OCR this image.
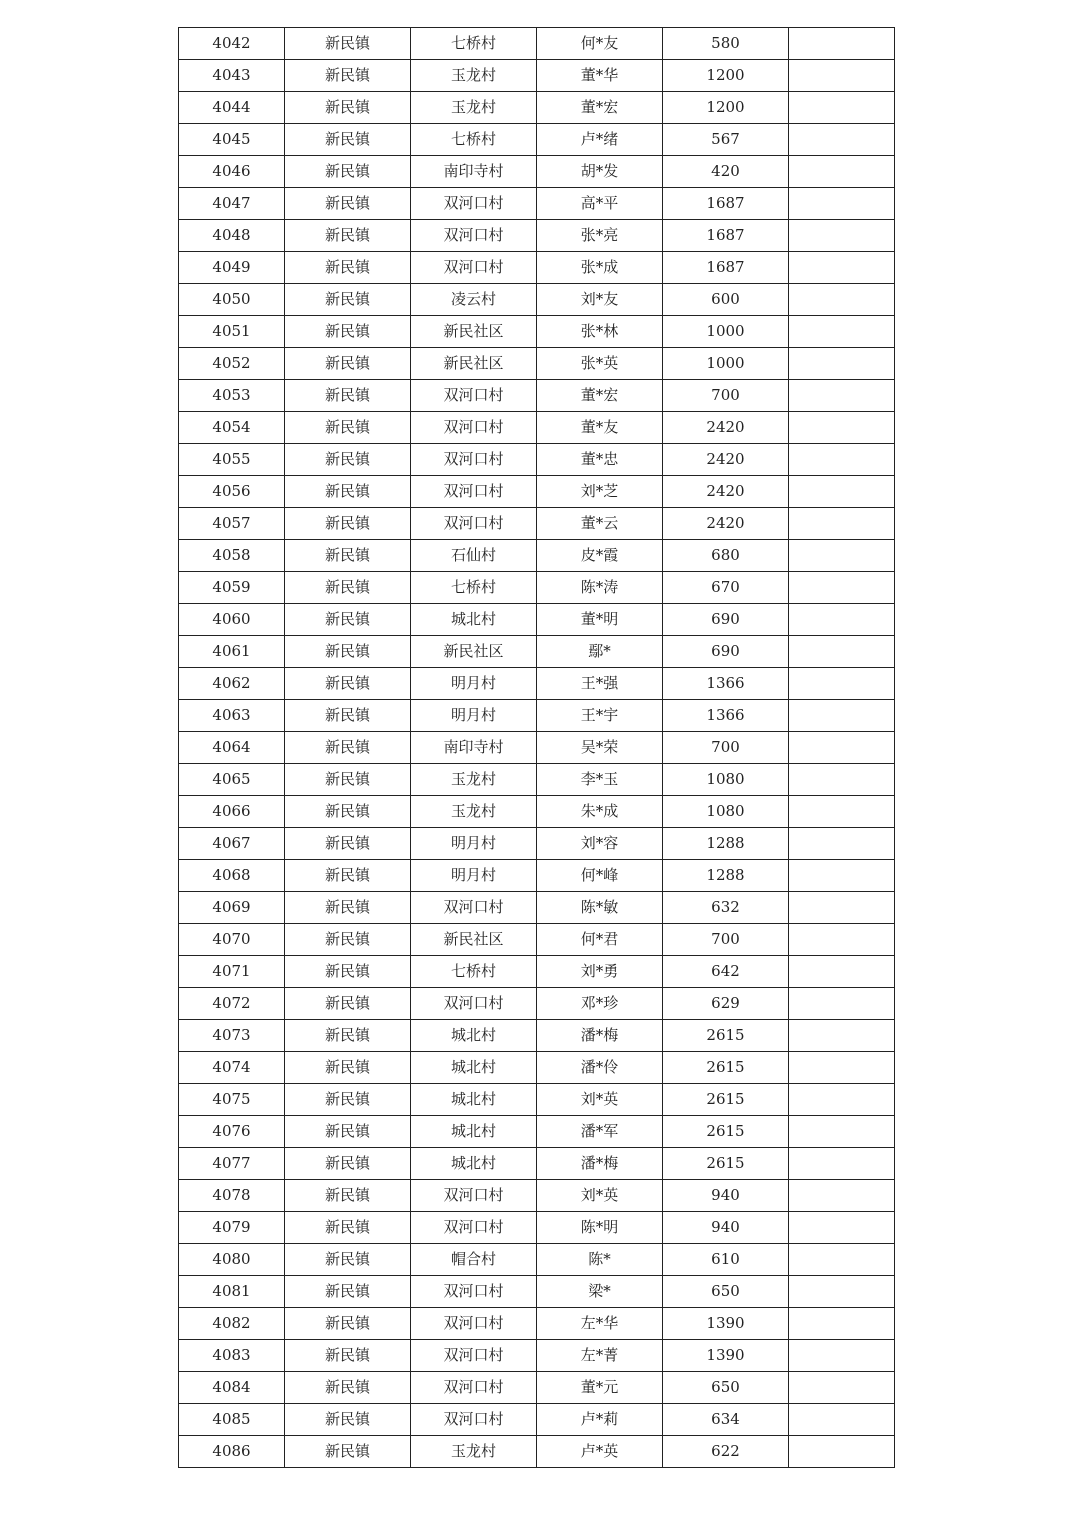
4042	新民镇	七桥村	何*友	580	
4043	新民镇	玉龙村	董*华	1200	
4044	新民镇	玉龙村	董*宏	1200	
4045	新民镇	七桥村	卢*绪	567	
4046	新民镇	南印寺村	胡*发	420	
4047	新民镇	双河口村	高*平	1687	
4048	新民镇	双河口村	张*亮	1687	
4049	新民镇	双河口村	张*成	1687	
4050	新民镇	凌云村	刘*友	600	
4051	新民镇	新民社区	张*林	1000	
4052	新民镇	新民社区	张*英	1000	
4053	新民镇	双河口村	董*宏	700	
4054	新民镇	双河口村	董*友	2420	
4055	新民镇	双河口村	董*忠	2420	
4056	新民镇	双河口村	刘*芝	2420	
4057	新民镇	双河口村	董*云	2420	
4058	新民镇	石仙村	皮*霞	680	
4059	新民镇	七桥村	陈*涛	670	
4060	新民镇	城北村	董*明	690	
4061	新民镇	新民社区	鄢*	690	
4062	新民镇	明月村	王*强	1366	
4063	新民镇	明月村	王*宇	1366	
4064	新民镇	南印寺村	吴*荣	700	
4065	新民镇	玉龙村	李*玉	1080	
4066	新民镇	玉龙村	朱*成	1080	
4067	新民镇	明月村	刘*容	1288	
4068	新民镇	明月村	何*峰	1288	
4069	新民镇	双河口村	陈*敏	632	
4070	新民镇	新民社区	何*君	700	
4071	新民镇	七桥村	刘*勇	642	
4072	新民镇	双河口村	邓*珍	629	
4073	新民镇	城北村	潘*梅	2615	
4074	新民镇	城北村	潘*伶	2615	
4075	新民镇	城北村	刘*英	2615	
4076	新民镇	城北村	潘*军	2615	
4077	新民镇	城北村	潘*梅	2615	
4078	新民镇	双河口村	刘*英	940	
4079	新民镇	双河口村	陈*明	940	
4080	新民镇	帽合村	陈*	610	
4081	新民镇	双河口村	梁*	650	
4082	新民镇	双河口村	左*华	1390	
4083	新民镇	双河口村	左*菁	1390	
4084	新民镇	双河口村	董*元	650	
4085	新民镇	双河口村	卢*莉	634	
4086	新民镇	玉龙村	卢*英	622	
